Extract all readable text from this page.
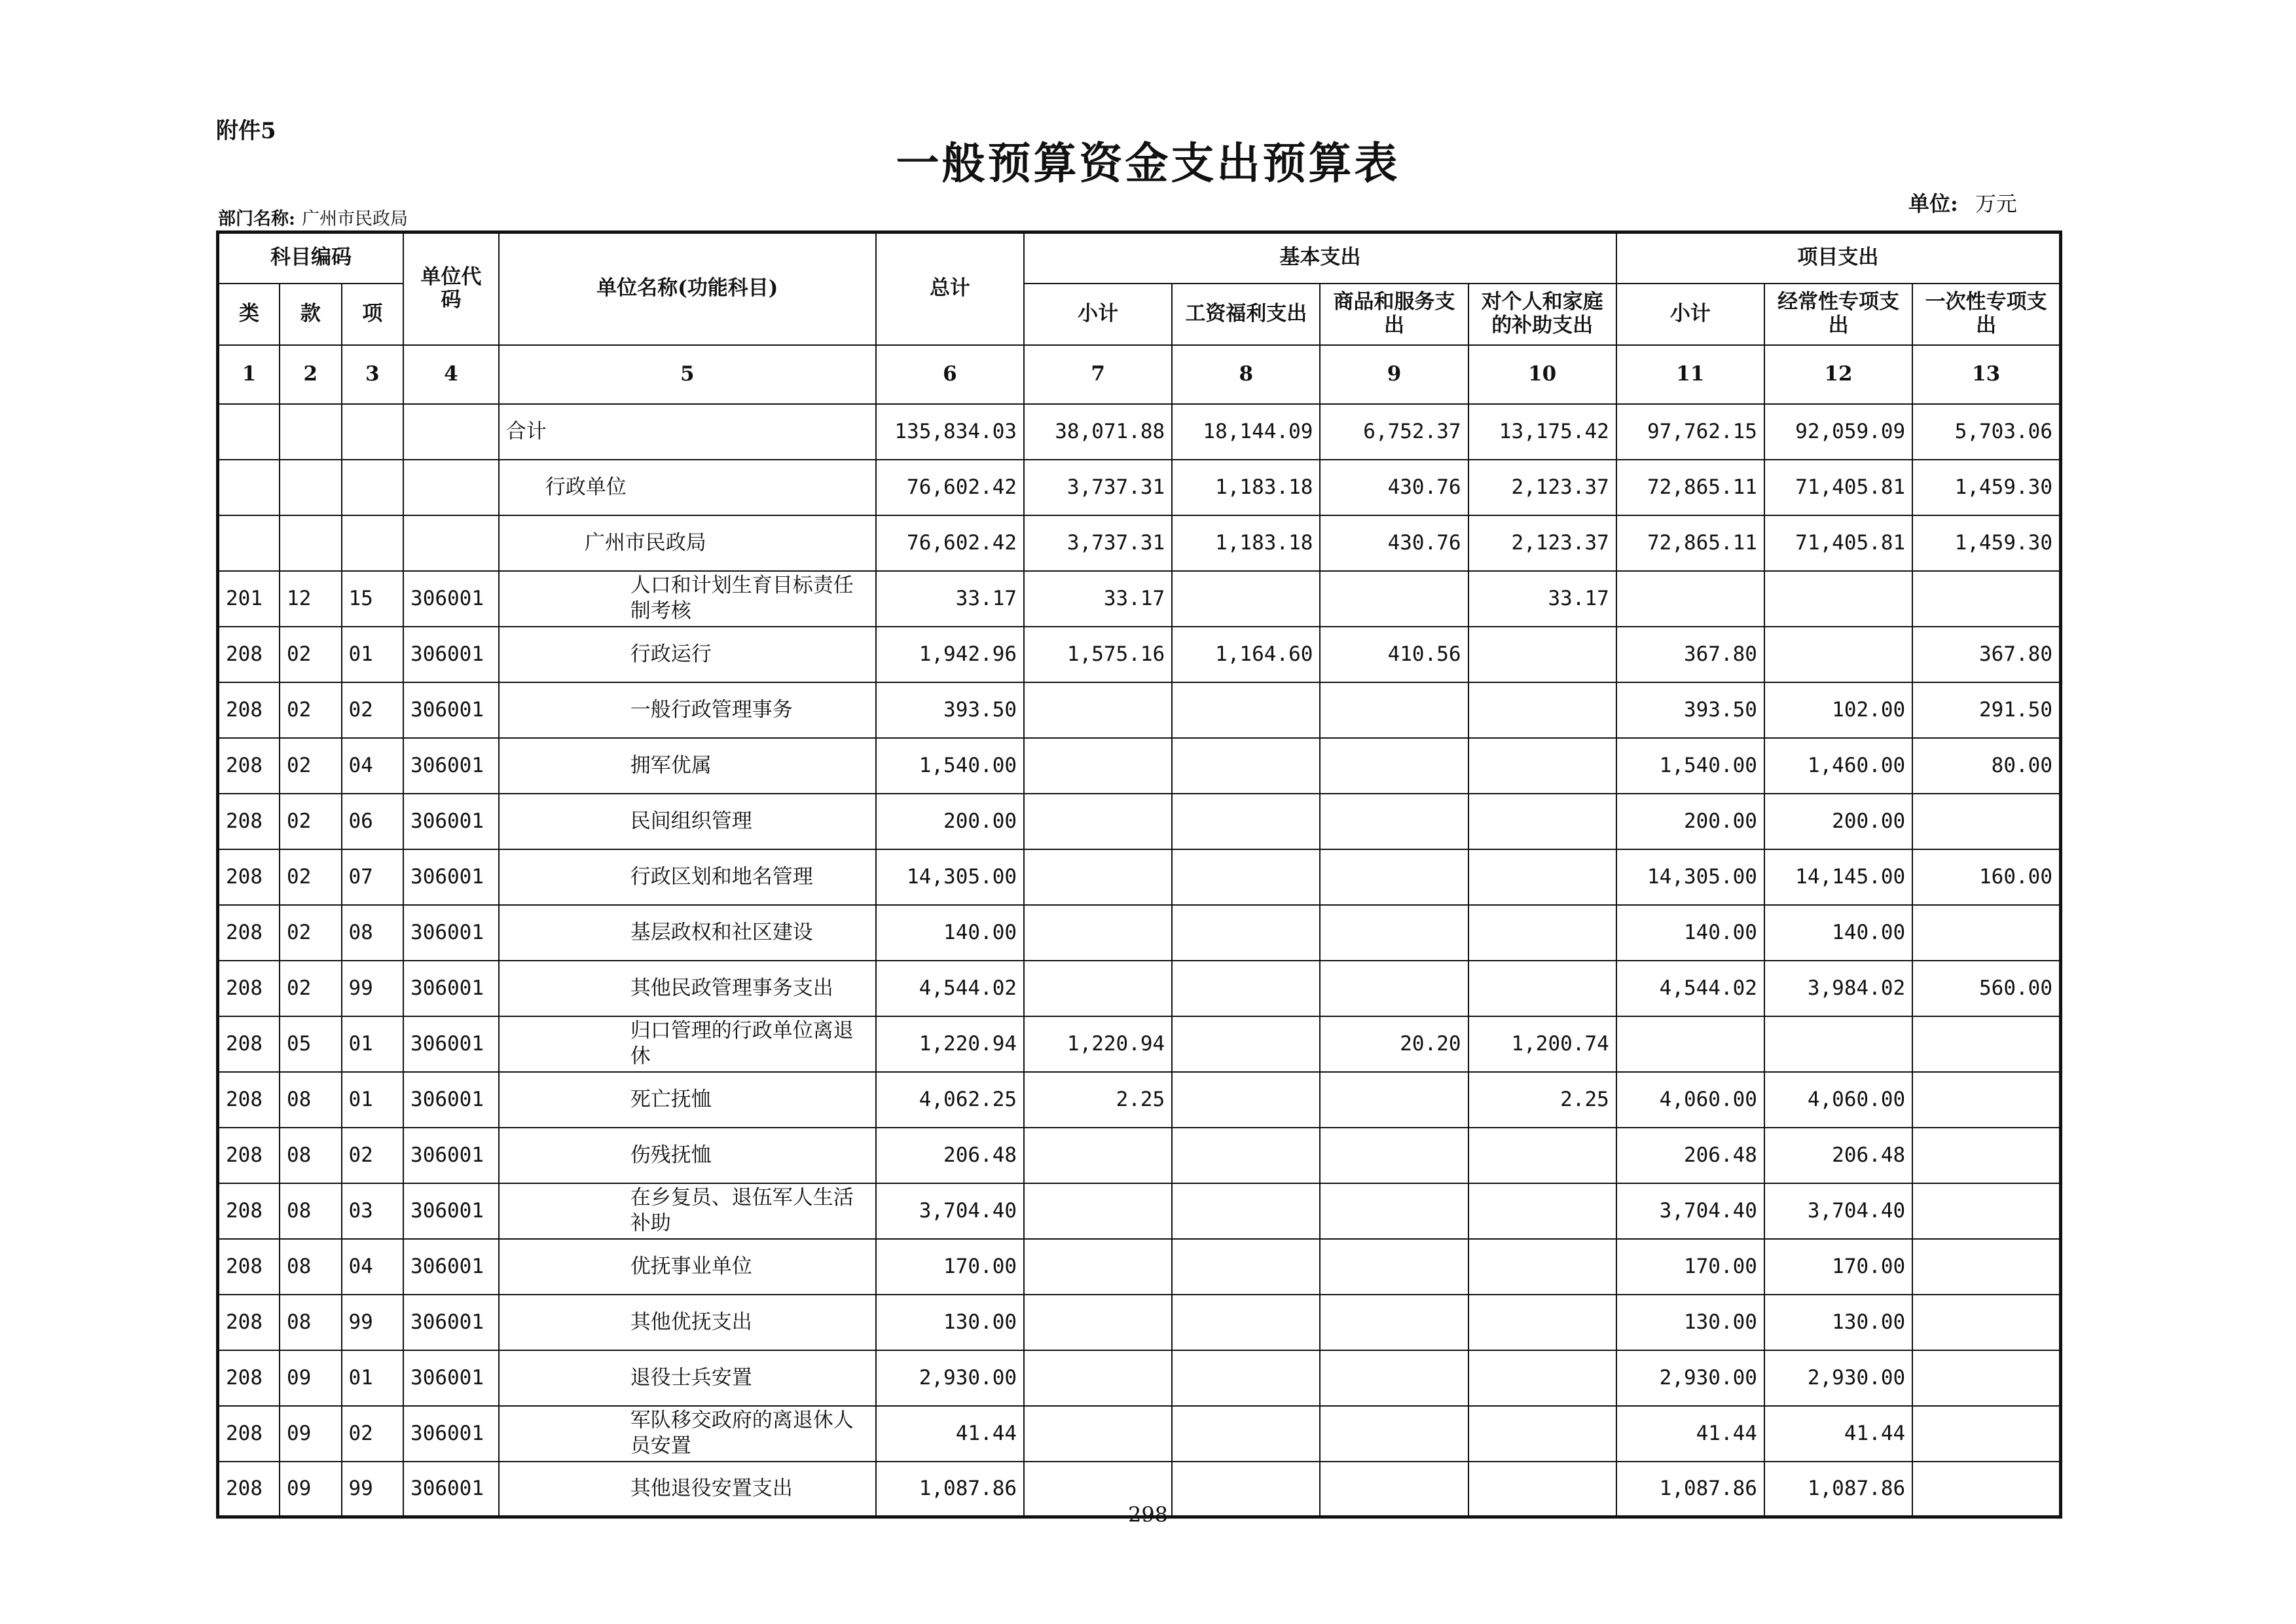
附件5
一般预算资金支出预算表
部门名称: 广州市民政局
单位: 万元
科目编码			单位代码	单位名称(功能科目)	总计	基本支出				项目支出		
类	款	项				小计	工资福利支出	商品和服务支出	对个人和家庭的补助支出	小计	经常性专项支出	一次性专项支出
1	2	3	4	5	6	7	8	9	10	11	12	13
				合计	135,834.03	38,071.88	18,144.09	6,752.37	13,175.42	97,762.15	92,059.09	5,703.06
				行政单位	76,602.42	3,737.31	1,183.18	430.76	2,123.37	72,865.11	71,405.81	1,459.30
				广州市民政局	76,602.42	3,737.31	1,183.18	430.76	2,123.37	72,865.11	71,405.81	1,459.30
201	12	15	306001	人口和计划生育目标责任制考核	33.17	33.17			33.17			
208	02	01	306001	行政运行	1,942.96	1,575.16	1,164.60	410.56		367.80		367.80
208	02	02	306001	一般行政管理事务	393.50					393.50	102.00	291.50
208	02	04	306001	拥军优属	1,540.00					1,540.00	1,460.00	80.00
208	02	06	306001	民间组织管理	200.00					200.00	200.00	
208	02	07	306001	行政区划和地名管理	14,305.00					14,305.00	14,145.00	160.00
208	02	08	306001	基层政权和社区建设	140.00					140.00	140.00	
208	02	99	306001	其他民政管理事务支出	4,544.02					4,544.02	3,984.02	560.00
208	05	01	306001	归口管理的行政单位离退休	1,220.94	1,220.94		20.20	1,200.74			
208	08	01	306001	死亡抚恤	4,062.25	2.25			2.25	4,060.00	4,060.00	
208	08	02	306001	伤残抚恤	206.48					206.48	206.48	
208	08	03	306001	在乡复员、退伍军人生活补助	3,704.40					3,704.40	3,704.40	
208	08	04	306001	优抚事业单位	170.00					170.00	170.00	
208	08	99	306001	其他优抚支出	130.00					130.00	130.00	
208	09	01	306001	退役士兵安置	2,930.00					2,930.00	2,930.00	
208	09	02	306001	军队移交政府的离退休人员安置	41.44					41.44	41.44	
208	09	99	306001	其他退役安置支出	1,087.86					1,087.86	1,087.86	
-298-
